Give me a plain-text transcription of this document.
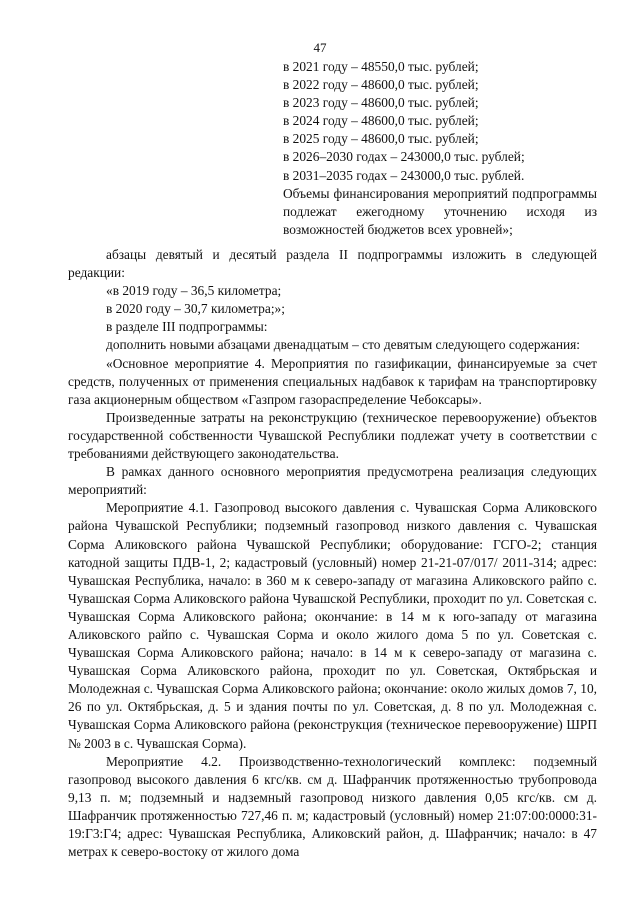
47
в 2021 году – 48550,0 тыс. рублей;
в 2022 году – 48600,0 тыс. рублей;
в 2023 году – 48600,0 тыс. рублей;
в 2024 году – 48600,0 тыс. рублей;
в 2025 году – 48600,0 тыс. рублей;
в 2026–2030 годах – 243000,0 тыс. рублей;
в 2031–2035 годах – 243000,0 тыс. рублей.
Объемы финансирования мероприятий подпрограммы подлежат ежегодному уточнению исходя из возможностей бюджетов всех уровней»;

абзацы девятый и десятый раздела II подпрограммы изложить в следующей редакции:

«в 2019 году – 36,5 километра;

в 2020 году – 30,7 километра;»;

в разделе III подпрограммы:

дополнить новыми абзацами двенадцатым – сто девятым следующего содержания:

«Основное мероприятие 4. Мероприятия по газификации, финансируемые за счет средств, полученных от применения специальных надбавок к тарифам на транспортировку газа акционерным обществом «Газпром газораспределение Чебоксары».

Произведенные затраты на реконструкцию (техническое перевооружение) объектов государственной собственности Чувашской Республики подлежат учету в соответствии с требованиями действующего законодательства.

В рамках данного основного мероприятия предусмотрена реализация следующих мероприятий:

Мероприятие 4.1. Газопровод высокого давления с. Чувашская Сорма Аликовского района Чувашской Республики; подземный газопровод низкого давления с. Чувашская Сорма Аликовского района Чувашской Республики; оборудование: ГСГО-2; станция катодной защиты ПДВ-1, 2; кадастровый (условный) номер 21-21-07/017/ 2011-314; адрес: Чувашская Республика, начало: в 360 м к северо-западу от магазина Аликовского райпо с. Чувашская Сорма Аликовского района Чувашской Республики, проходит по ул. Советская с. Чувашская Сорма Аликовского района; окончание: в 14 м к юго-западу от магазина Аликовского райпо с. Чувашская Сорма и около жилого дома 5 по ул. Советская с. Чувашская Сорма Аликовского района; начало: в 14 м к северо-западу от магазина с. Чувашская Сорма Аликовского района, проходит по ул. Советская, Октябрьская и Молодежная с. Чувашская Сорма Аликовского района; окончание: около жилых домов 7, 10, 26 по ул. Октябрьская, д. 5 и здания почты по ул. Советская, д. 8 по ул. Молодежная с. Чувашская Сорма Аликовского района (реконструкция (техническое перевооружение) ШРП № 2003 в с. Чувашская Сорма).

Мероприятие 4.2. Производственно-технологический комплекс: подземный газопровод высокого давления 6 кгс/кв. см д. Шафранчик протяженностью трубопровода 9,13 п. м; подземный и надземный газопровод низкого давления 0,05 кгс/кв. см д. Шафранчик протяженностью 727,46 п. м; кадастровый (условный) номер 21:07:00:0000:31-19:Г3:Г4; адрес: Чувашская Республика, Аликовский район, д. Шафранчик; начало: в 47 метрах к северо-востоку от жилого дома
